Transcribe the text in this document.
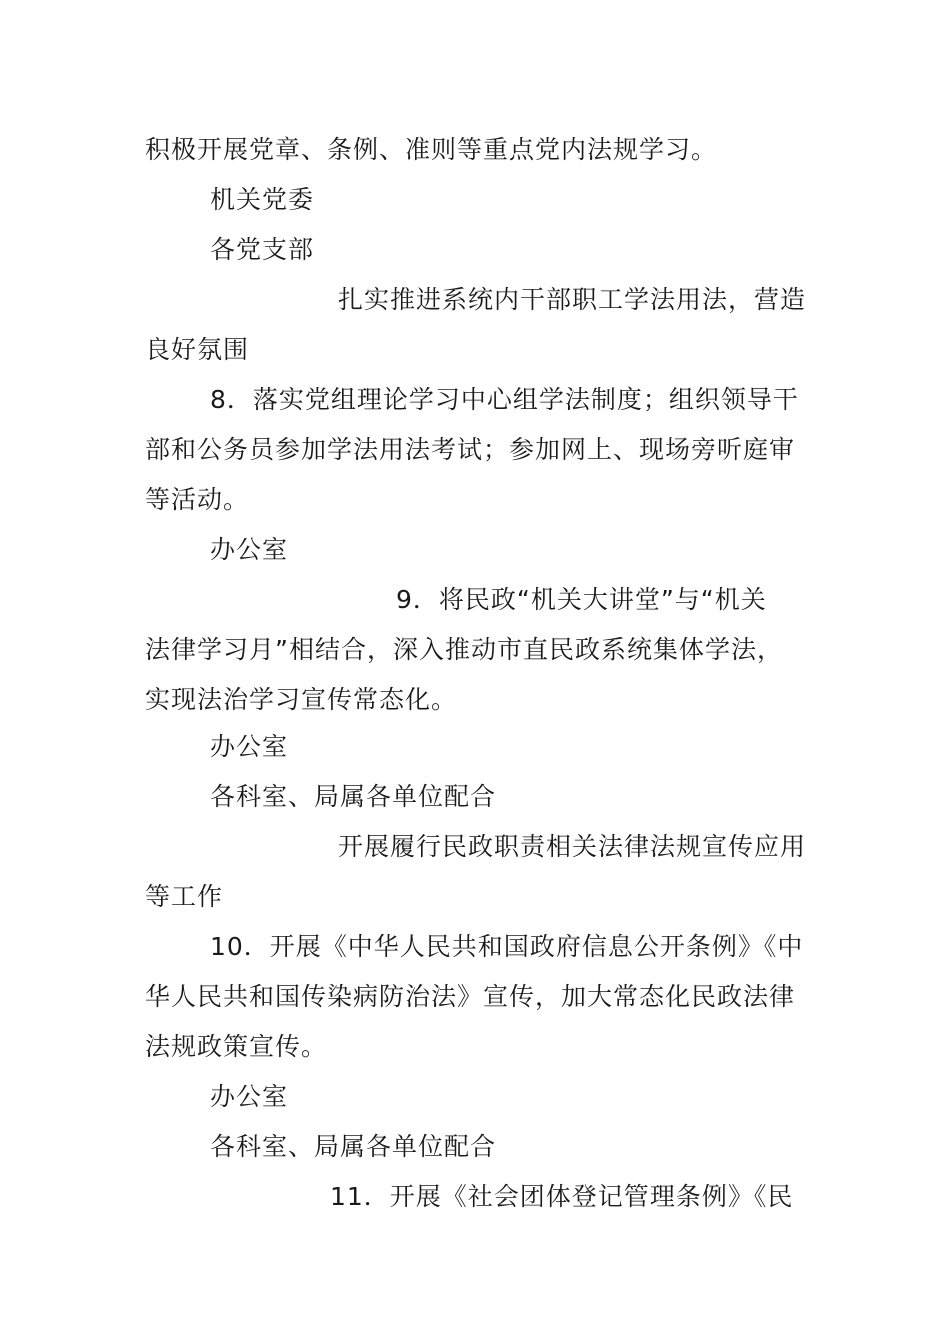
积极开展党章、条例、准则等重点党内法规学习。
机关党委
各党支部
扎实推进系统内干部职工学法用法，营造
良好氛围
8．落实党组理论学习中心组学法制度；组织领导干
部和公务员参加学法用法考试；参加网上、现场旁听庭审
等活动。
办公室
9．将民政“机关大讲堂”与“机关
法律学习月”相结合，深入推动市直民政系统集体学法，
实现法治学习宣传常态化。
办公室
各科室、局属各单位配合
开展履行民政职责相关法律法规宣传应用
等工作
10．开展《中华人民共和国政府信息公开条例》《中
华人民共和国传染病防治法》宣传，加大常态化民政法律
法规政策宣传。
办公室
各科室、局属各单位配合
11．开展《社会团体登记管理条例》《民
